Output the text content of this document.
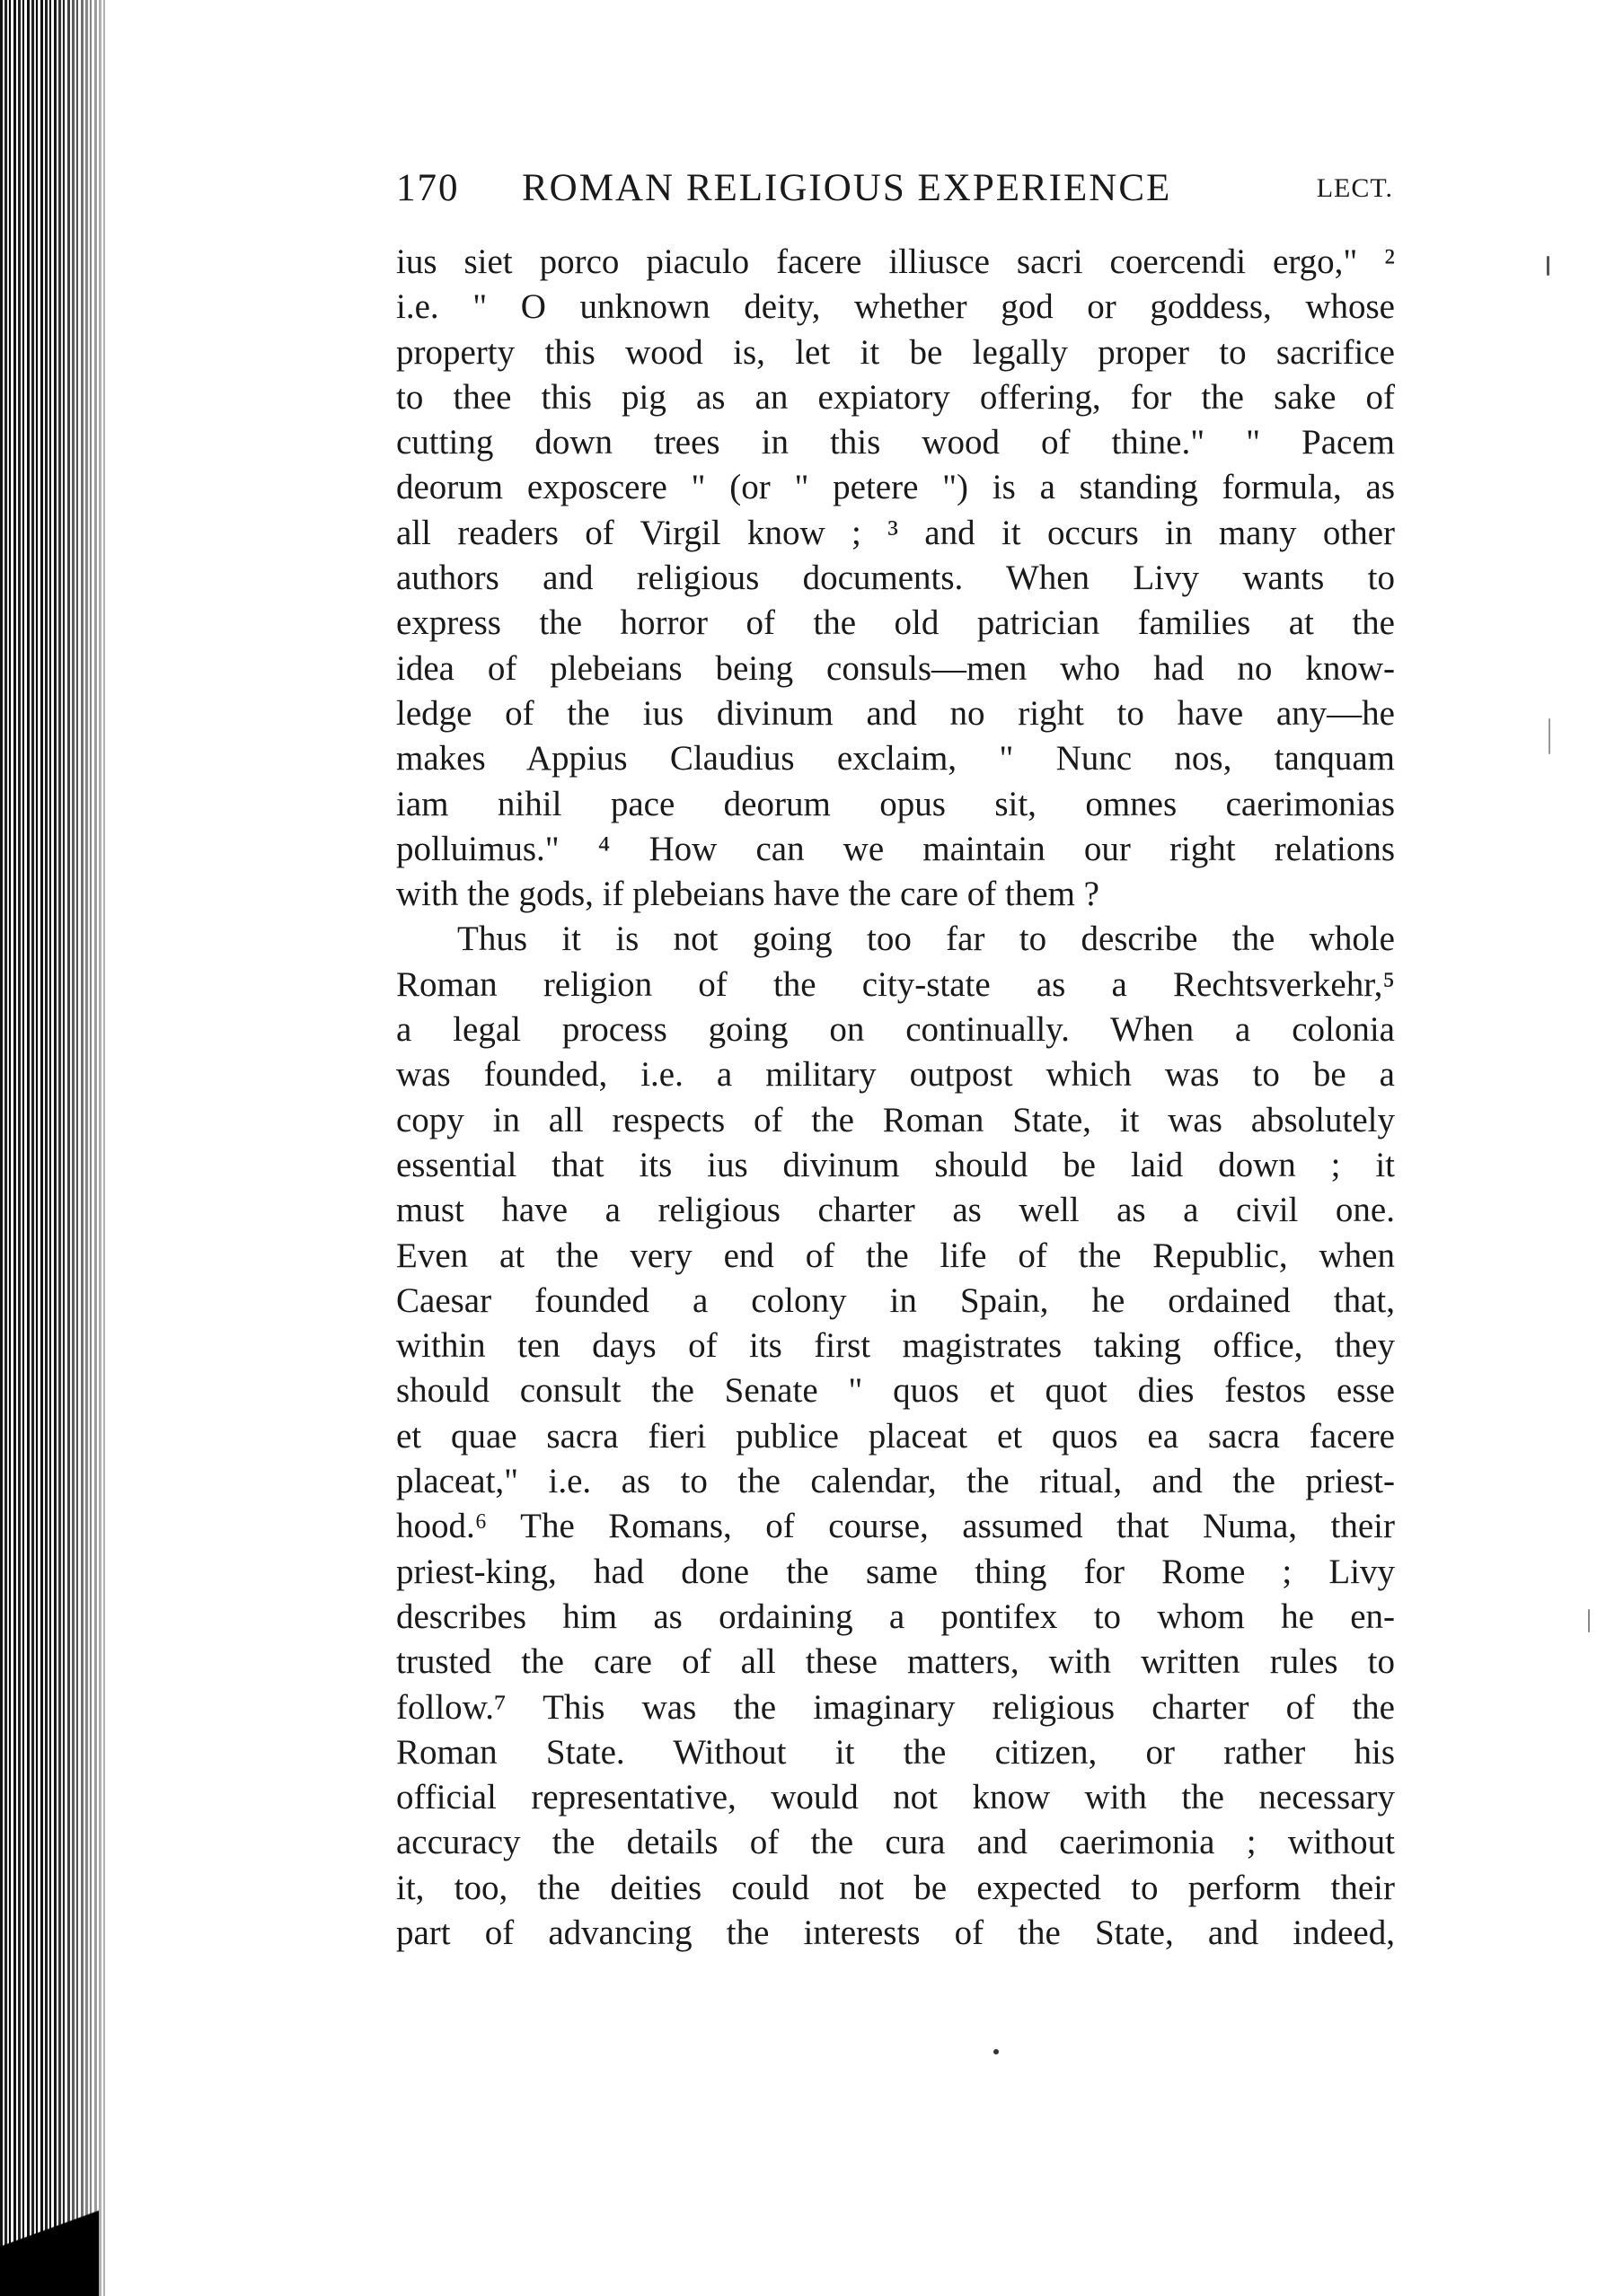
170 ROMAN RELIGIOUS EXPERIENCE	LECT.
ius siet porco piaculo facere illiusce sacri coercendi ergo," ²
i.e. " O unknown deity, whether god or goddess, whose
property this wood is, let it be legally proper to sacrifice
to thee this pig as an expiatory offering, for the sake of
cutting down trees in this wood of thine." " Pacem
deorum exposcere " (or " petere ") is a standing formula, as
all readers of Virgil know ; ³ and it occurs in many other
authors and religious documents. When Livy wants to
express the horror of the old patrician families at the
idea of plebeians being consuls—men who had no know-
ledge of the ius divinum and no right to have any—he
makes Appius Claudius exclaim, " Nunc nos, tanquam
iam nihil pace deorum opus sit, omnes caerimonias
polluimus." ⁴ How can we maintain our right relations
with the gods, if plebeians have the care of them ?
Thus it is not going too far to describe the whole
Roman religion of the city-state as a Rechtsverkehr,⁵
a legal process going on continually. When a colonia
was founded, i.e. a military outpost which was to be a
copy in all respects of the Roman State, it was absolutely
essential that its ius divinum should be laid down ; it
must have a religious charter as well as a civil one.
Even at the very end of the life of the Republic, when
Caesar founded a colony in Spain, he ordained that,
within ten days of its first magistrates taking office, they
should consult the Senate " quos et quot dies festos esse
et quae sacra fieri publice placeat et quos ea sacra facere
placeat," i.e. as to the calendar, the ritual, and the priest-
hood.⁶ The Romans, of course, assumed that Numa, their
priest-king, had done the same thing for Rome ; Livy
describes him as ordaining a pontifex to whom he en-
trusted the care of all these matters, with written rules to
follow.⁷ This was the imaginary religious charter of the
Roman State. Without it the citizen, or rather his
official representative, would not know with the necessary
accuracy the details of the cura and caerimonia ; without
it, too, the deities could not be expected to perform their
part of advancing the interests of the State, and indeed,
